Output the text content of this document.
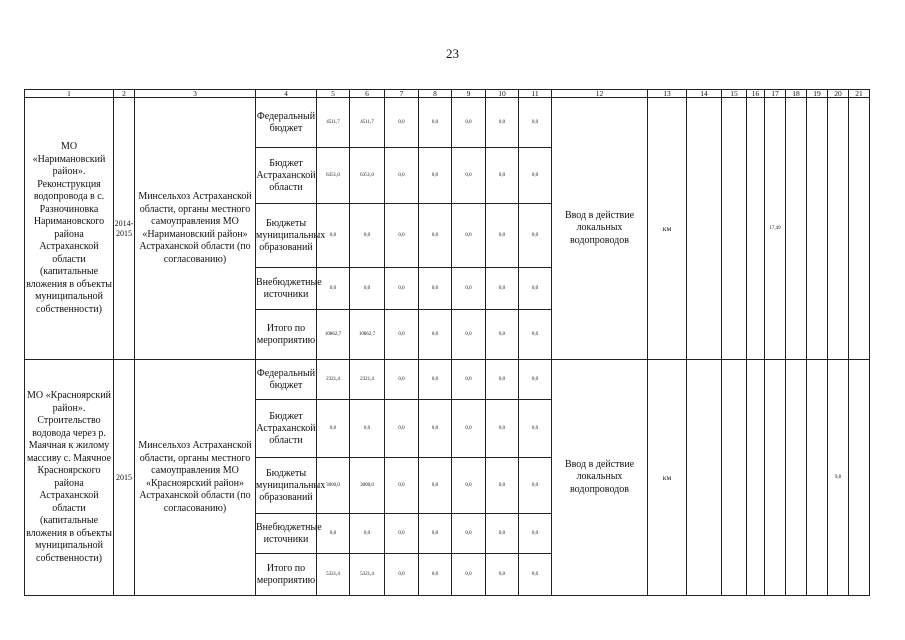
23
1	2	3	4	5	6	7	8	9	10	11	12	13	14	15	16	17	18	19	20	21
МО «Наримановский район». Реконструкция водопровода в с. Разночиновка Наримановского района Астраханской области (капитальные вложения в объекты муниципальной собственности)	2014-2015	Минсельхоз Астраханской области, органы местного самоуправления МО «Наримановский район» Астраханской области (по согласованию)	Федеральный бюджет	4511,7	4511,7	0,0	0,0	0,0	0,0	0,0	Ввод в действие локальных водопроводов	км				17,49				
			Бюджет Астраханской области	6351,0	6351,0	0,0	0,0	0,0	0,0	0,0										
			Бюджеты муниципальных образований	0,0	0,0	0,0	0,0	0,0	0,0	0,0										
			Внебюджетные источники	0,0	0,0	0,0	0,0	0,0	0,0	0,0										
			Итого по мероприятию	10862,7	10862,7	0,0	0,0	0,0	0,0	0,0										
МО «Красноярский район». Строительство водовода через р. Маячная к жилому массиву с. Маячное Красноярского района Астраханской области (капитальные вложения в объекты муниципальной собственности)	2015	Минсельхоз Астраханской области, органы местного самоуправления МО «Красноярский район» Астраханской области (по согласованию)	Федеральный бюджет	2321,4	2321,4	0,0	0,0	0,0	0,0	0,0	Ввод в действие локальных водопроводов	км							9,8	
			Бюджет Астраханской области	0,0	0,0	0,0	0,0	0,0	0,0	0,0										
			Бюджеты муниципальных образований	3000,0	3000,0	0,0	0,0	0,0	0,0	0,0										
			Внебюджетные источники	0,0	0,0	0,0	0,0	0,0	0,0	0,0										
			Итого по мероприятию	5321,4	5321,4	0,0	0,0	0,0	0,0	0,0										
